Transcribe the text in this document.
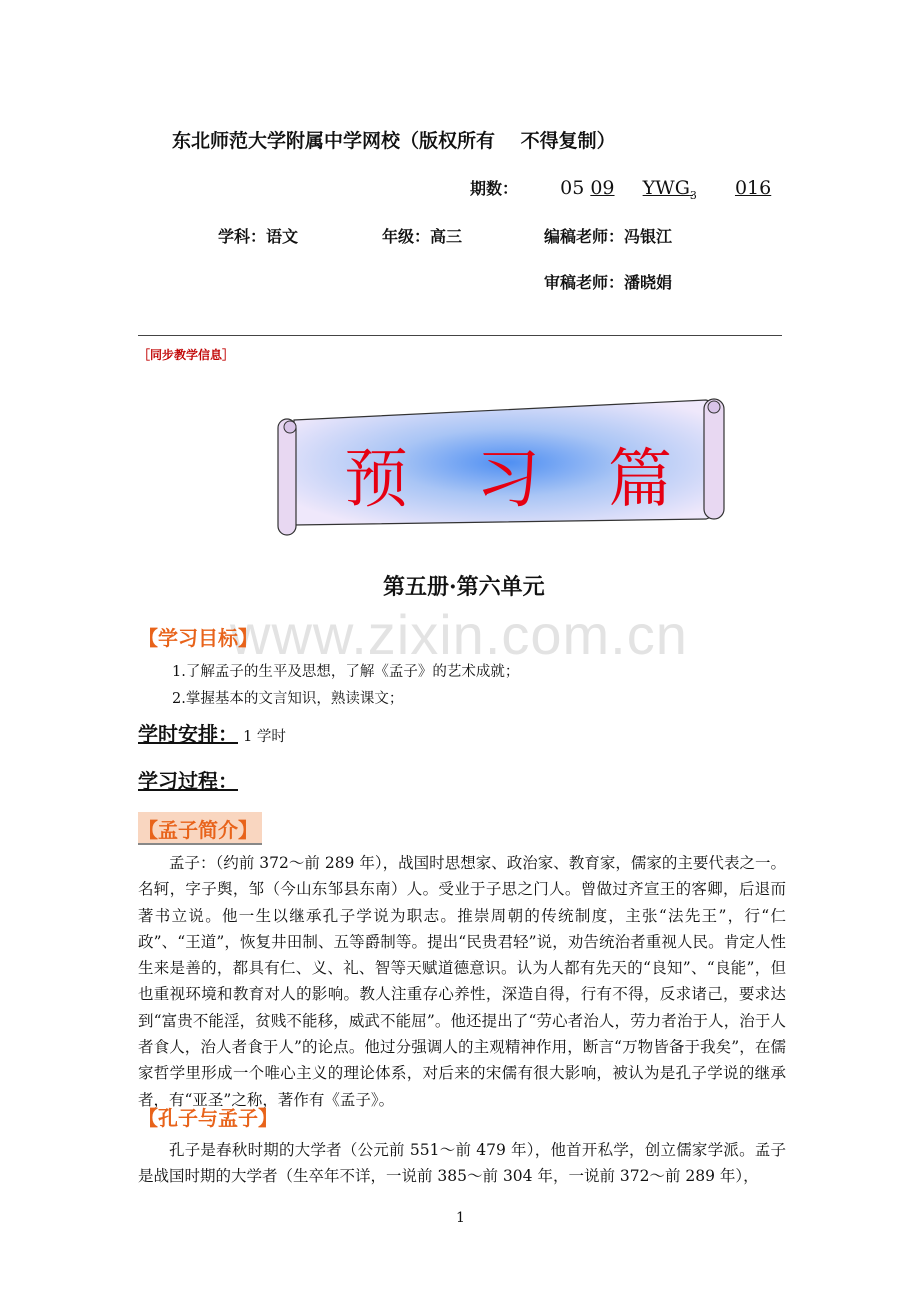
www.zixin.com.cn
东北师范大学附属中学网校（版权所有　 不得复制）
期数： 05 09 $YWG_3$ 016
学科：语文	年级：高三	编稿老师：冯银江
审稿老师：潘晓娟
［同步教学信息］
预　习　篇
第五册·第六单元
【学习目标】
1.了解孟子的生平及思想，了解《孟子》的艺术成就；
2.掌握基本的文言知识，熟读课文；
学时安排： 1 学时
学习过程：
【孟子简介】
孟子：（约前 372～前 289 年），战国时思想家、政治家、教育家，儒家的主要代表之一。名轲，字子舆，邹（今山东邹县东南）人。受业于子思之门人。曾做过齐宣王的客卿，后退而著书立说。他一生以继承孔子学说为职志。推崇周朝的传统制度，主张“法先王”，行“仁政”、“王道”，恢复井田制、五等爵制等。提出“民贵君轻”说，劝告统治者重视人民。肯定人性生来是善的，都具有仁、义、礼、智等天赋道德意识。认为人都有先天的“良知”、“良能”，但也重视环境和教育对人的影响。教人注重存心养性，深造自得，行有不得，反求诸己，要求达到“富贵不能淫，贫贱不能移，威武不能屈”。他还提出了“劳心者治人，劳力者治于人，治于人者食人，治人者食于人”的论点。他过分强调人的主观精神作用，断言“万物皆备于我矣”，在儒家哲学里形成一个唯心主义的理论体系，对后来的宋儒有很大影响，被认为是孔子学说的继承者，有“亚圣”之称，著作有《孟子》。
【孔子与孟子】
孔子是春秋时期的大学者（公元前 551～前 479 年），他首开私学，创立儒家学派。孟子是战国时期的大学者（生卒年不详，一说前 385～前 304 年，一说前 372～前 289 年），
1
